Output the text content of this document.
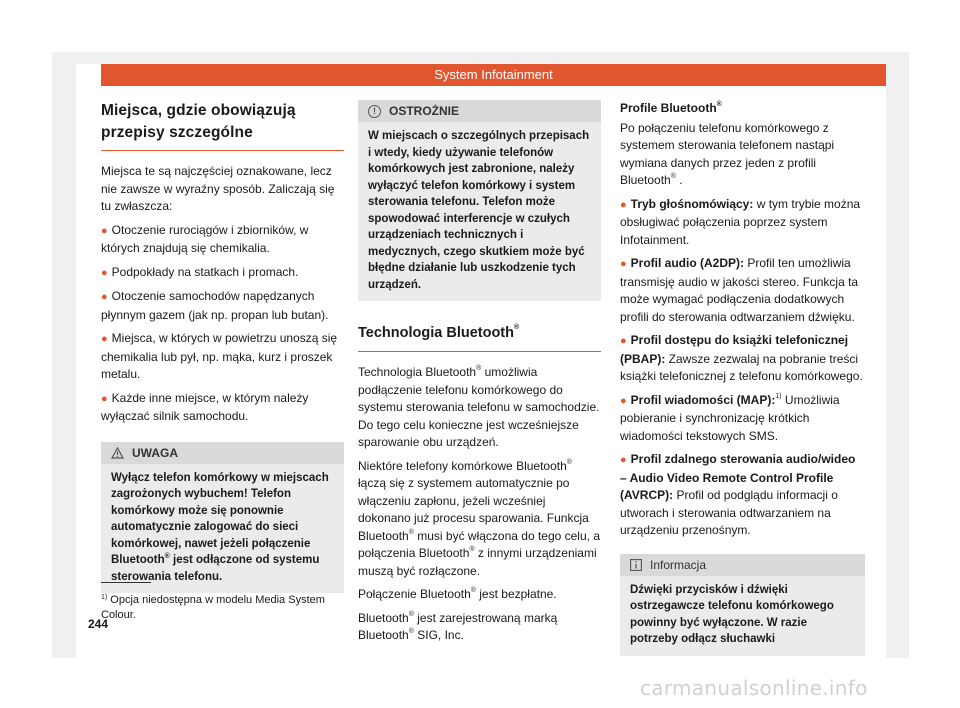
System Infotainment
Miejsca, gdzie obowiązują przepisy szczególne

Miejsca te są najczęściej oznakowane, lecz nie zawsze w wyraźny sposób. Zaliczają się tu zwłaszcza:

● Otoczenie rurociągów i zbiorników, w których znajdują się chemikalia.

● Podpokłady na statkach i promach.

● Otoczenie samochodów napędzanych płynnym gazem (jak np. propan lub butan).

● Miejsca, w których w powietrzu unoszą się chemikalia lub pył, np. mąka, kurz i proszek metalu.

● Każde inne miejsce, w którym należy wyłączać silnik samochodu.

UWAGA
Wyłącz telefon komórkowy w miejscach zagrożonych wybuchem! Telefon komórkowy może się ponownie automatycznie zalogować do sieci komórkowej, nawet jeżeli połączenie Bluetooth® jest odłączone od systemu sterowania telefonu.
!	OSTROŻNIE
W miejscach o szczególnych przepisach i wtedy, kiedy używanie telefonów komórkowych jest zabronione, należy wyłączyć telefon komórkowy i system sterowania telefonu. Telefon może spowodować interferencje w czułych urządzeniach technicznych i medycznych, czego skutkiem może być błędne działanie lub uszkodzenie tych urządzeń.
Technologia Bluetooth®

Technologia Bluetooth® umożliwia podłączenie telefonu komórkowego do systemu sterowania telefonu w samochodzie. Do tego celu konieczne jest wcześniejsze sparowanie obu urządzeń.

Niektóre telefony komórkowe Bluetooth® łączą się z systemem automatycznie po włączeniu zapłonu, jeżeli wcześniej dokonano już procesu sparowania. Funkcja Bluetooth® musi być włączona do tego celu, a połączenia Bluetooth® z innymi urządzeniami muszą być rozłączone.

Połączenie Bluetooth® jest bezpłatne.

Bluetooth® jest zarejestrowaną marką Bluetooth® SIG, Inc.

Profile Bluetooth®

Po połączeniu telefonu komórkowego z systemem sterowania telefonem nastąpi wymiana danych przez jeden z profili Bluetooth® .

● Tryb głośnomówiący: w tym trybie można obsługiwać połączenia poprzez system Infotainment.

● Profil audio (A2DP): Profil ten umożliwia transmisję audio w jakości stereo. Funkcja ta może wymagać podłączenia dodatkowych profili do sterowania odtwarzaniem dźwięku.

● Profil dostępu do książki telefonicznej (PBAP): Zawsze zezwalaj na pobranie treści książki telefonicznej z telefonu komórkowego.

● Profil wiadomości (MAP):$^{1)}$ Umożliwia pobieranie i synchronizację krótkich wiadomości tekstowych SMS.

● Profil zdalnego sterowania audio/wideo – Audio Video Remote Control Profile (AVRCP): Profil od podglądu informacji o utworach i sterowania odtwarzaniem na urządzeniu przenośnym.

Informacja
Dźwięki przycisków i dźwięki ostrzegawcze telefonu komórkowego powinny być wyłączone. W razie potrzeby odłącz słuchawki
$^{1)}$ Opcja niedostępna w modelu Media System Colour.
244
carmanualsonline.info
